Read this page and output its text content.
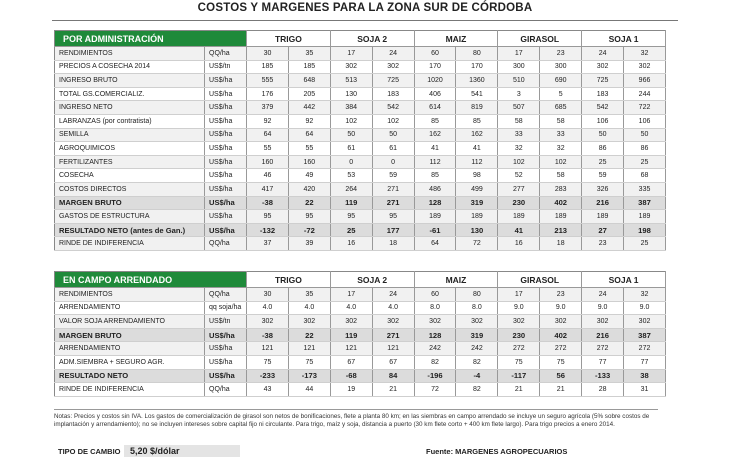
COSTOS Y MARGENES PARA LA ZONA SUR DE CÓRDOBA
POR ADMINISTRACIÓN		TRIGO		SOJA 2		MAIZ		GIRASOL		SOJA 1	
RENDIMIENTOS	QQ/ha	30	35	17	24	60	80	17	23	24	32
PRECIOS A COSECHA 2014	US$/tn	185	185	302	302	170	170	300	300	302	302
INGRESO BRUTO	US$/ha	555	648	513	725	1020	1360	510	690	725	966
TOTAL GS.COMERCIALIZ.	US$/ha	176	205	130	183	406	541	3	5	183	244
INGRESO NETO	US$/ha	379	442	384	542	614	819	507	685	542	722
LABRANZAS (por contratista)	US$/ha	92	92	102	102	85	85	58	58	106	106
SEMILLA	US$/ha	64	64	50	50	162	162	33	33	50	50
AGROQUIMICOS	US$/ha	55	55	61	61	41	41	32	32	86	86
FERTILIZANTES	US$/ha	160	160	0	0	112	112	102	102	25	25
COSECHA	US$/ha	46	49	53	59	85	98	52	58	59	68
COSTOS DIRECTOS	US$/ha	417	420	264	271	486	499	277	283	326	335
MARGEN BRUTO	US$/ha	-38	22	119	271	128	319	230	402	216	387
GASTOS DE ESTRUCTURA	US$/ha	95	95	95	95	189	189	189	189	189	189
RESULTADO NETO (antes de Gan.)	US$/ha	-132	-72	25	177	-61	130	41	213	27	198
RINDE DE INDIFERENCIA	QQ/ha	37	39	16	18	64	72	16	18	23	25
EN CAMPO ARRENDADO		TRIGO		SOJA 2		MAIZ		GIRASOL		SOJA 1	
RENDIMIENTOS	QQ/ha	30	35	17	24	60	80	17	23	24	32
ARRENDAMIENTO	qq soja/ha	4.0	4.0	4.0	4.0	8.0	8.0	9.0	9.0	9.0	9.0
VALOR SOJA ARRENDAMIENTO	US$/tn	302	302	302	302	302	302	302	302	302	302
MARGEN BRUTO	US$/ha	-38	22	119	271	128	319	230	402	216	387
ARRENDAMIENTO	US$/ha	121	121	121	121	242	242	272	272	272	272
ADM.SIEMBRA + SEGURO AGR.	US$/ha	75	75	67	67	82	82	75	75	77	77
RESULTADO NETO	US$/ha	-233	-173	-68	84	-196	-4	-117	56	-133	38
RINDE DE INDIFERENCIA	QQ/ha	43	44	19	21	72	82	21	21	28	31
Notas: Precios y costos sin IVA. Los gastos de comercialización de girasol son netos de bonificaciones, flete a planta 80 km; en las siembras en campo arrendado se incluye un seguro agrícola (5% sobre costos de implantación y arrendamiento); no se incluyen intereses sobre capital fijo ni circulante. Para trigo, maíz y soja, distancia a puerto (30 km flete corto + 400 km flete largo). Para trigo precios a enero 2014.
TIPO DE CAMBIO	5,20 $/dólar	Fuente: MARGENES AGROPECUARIOS
